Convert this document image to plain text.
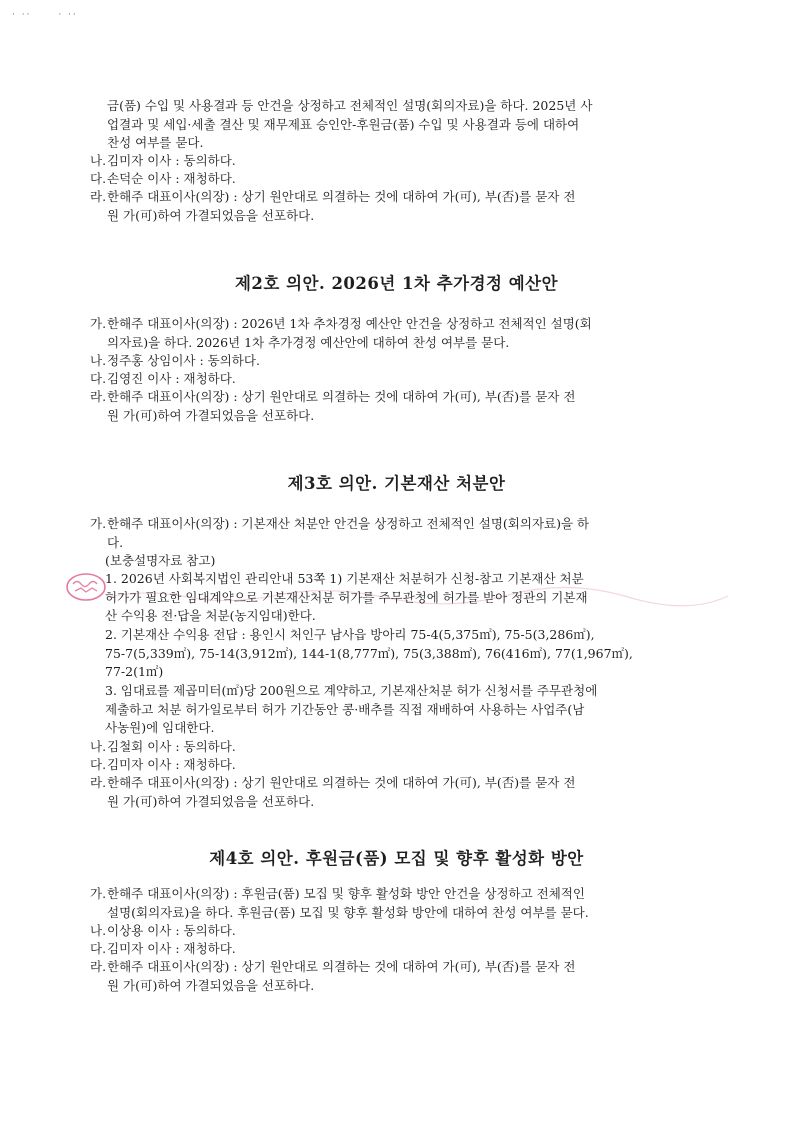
· ·· · ··

금(품) 수입 및 사용결과 등 안건을 상정하고 전체적인 설명(회의자료)을 하다. 2025년 사

업결과 및 세입·세출 결산 및 재무제표 승인안-후원금(품) 수입 및 사용결과 등에 대하여

찬성 여부를 묻다.

나. 김미자 이사 : 동의하다.
다. 손덕순 이사 : 재청하다.
라. 한해주 대표이사(의장) : 상기 원안대로 의결하는 것에 대하여 가(可), 부(否)를 묻자 전
원 가(可)하여 가결되었음을 선포하다.
제2호 의안. 2026년 1차 추가경정 예산안
가. 한해주 대표이사(의장) : 2026년 1차 추차경정 예산안 안건을 상정하고 전체적인 설명(회
의자료)을 하다. 2026년 1차 추가경정 예산안에 대하여 찬성 여부를 묻다.
나. 정주홍 상임이사 : 동의하다.
다. 김영진 이사 : 재청하다.
라. 한해주 대표이사(의장) : 상기 원안대로 의결하는 것에 대하여 가(可), 부(否)를 묻자 전
원 가(可)하여 가결되었음을 선포하다.
제3호 의안. 기본재산 처분안
가. 한해주 대표이사(의장) : 기본재산 처분안 안건을 상정하고 전체적인 설명(회의자료)을 하
다.
(보충설명자료 참고)

1. 2026년 사회복지법인 관리안내 53쪽 1) 기본재산 처분허가 신청-참고 기본재산 처분

허가가 필요한 임대계약으로 기본재산처분 허가를 주무관청에 허가를 받아 정관의 기본재

산 수익용 전·답을 처분(농지임대)한다.

2. 기본재산 수익용 전답 : 용인시 처인구 남사읍 방아리 75-4(5,375㎡), 75-5(3,286㎡),

75-7(5,339㎡), 75-14(3,912㎡), 144-1(8,777㎡), 75(3,388㎡), 76(416㎡), 77(1,967㎡),

77-2(1㎡)

3. 임대료를 제곱미터(㎡)당 200원으로 계약하고, 기본재산처분 허가 신청서를 주무관청에

제출하고 처분 허가일로부터 허가 기간동안 콩·배추를 직접 재배하여 사용하는 사업주(남

사농원)에 임대한다.

나. 김철회 이사 : 동의하다.
다. 김미자 이사 : 재청하다.
라. 한해주 대표이사(의장) : 상기 원안대로 의결하는 것에 대하여 가(可), 부(否)를 묻자 전
원 가(可)하여 가결되었음을 선포하다.
제4호 의안. 후원금(품) 모집 및 향후 활성화 방안
가. 한해주 대표이사(의장) : 후원금(품) 모집 및 향후 활성화 방안 안건을 상정하고 전체적인
설명(회의자료)을 하다. 후원금(품) 모집 및 향후 활성화 방안에 대하여 찬성 여부를 묻다.
나. 이상용 이사 : 동의하다.
다. 김미자 이사 : 재청하다.
라. 한해주 대표이사(의장) : 상기 원안대로 의결하는 것에 대하여 가(可), 부(否)를 묻자 전
원 가(可)하여 가결되었음을 선포하다.
